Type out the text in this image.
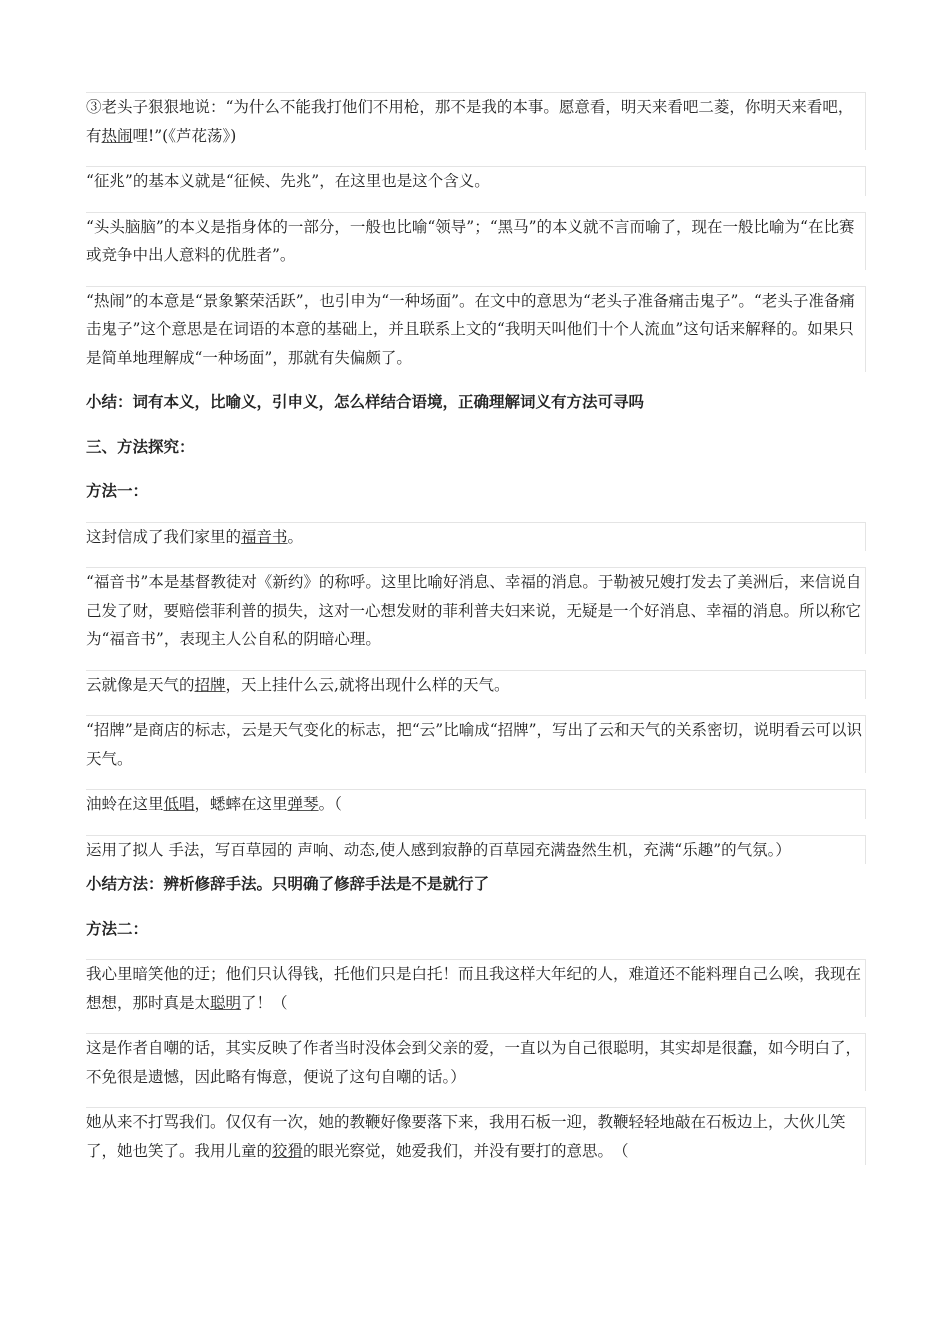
③老头子狠狠地说：“为什么不能我打他们不用枪，那不是我的本事。愿意看，明天来看吧二菱，你明天来看吧，有热闹哩!”(《芦花荡》)

“征兆”的基本义就是“征候、先兆”，在这里也是这个含义。

“头头脑脑”的本义是指身体的一部分，一般也比喻“领导”；“黑马”的本义就不言而喻了，现在一般比喻为“在比赛或竞争中出人意料的优胜者”。

“热闹”的本意是“景象繁荣活跃”，也引申为“一种场面”。在文中的意思为“老头子准备痛击鬼子”。“老头子准备痛击鬼子”这个意思是在词语的本意的基础上，并且联系上文的“我明天叫他们十个人流血”这句话来解释的。如果只是简单地理解成“一种场面”，那就有失偏颇了。

小结：词有本义，比喻义，引申义，怎么样结合语境，正确理解词义有方法可寻吗

三、方法探究：

方法一：

这封信成了我们家里的福音书。

“福音书”本是基督教徒对《新约》的称呼。这里比喻好消息、幸福的消息。于勒被兄嫂打发去了美洲后，来信说自己发了财，要赔偿菲利普的损失，这对一心想发财的菲利普夫妇来说，无疑是一个好消息、幸福的消息。所以称它为“福音书”，表现主人公自私的阴暗心理。

云就像是天气的招牌，天上挂什么云,就将出现什么样的天气。

“招牌”是商店的标志，云是天气变化的标志，把“云”比喻成“招牌”，写出了云和天气的关系密切，说明看云可以识天气。

油蛉在这里低唱，蟋蟀在这里弹琴。（

运用了拟人 手法，写百草园的 声响、动态,使人感到寂静的百草园充满盎然生机，充满“乐趣”的气氛。）

小结方法：辨析修辞手法。只明确了修辞手法是不是就行了

方法二：

我心里暗笑他的迂；他们只认得钱，托他们只是白托！而且我这样大年纪的人，难道还不能料理自己么唉，我现在想想，那时真是太聪明了！（

这是作者自嘲的话，其实反映了作者当时没体会到父亲的爱，一直以为自己很聪明，其实却是很蠢，如今明白了，不免很是遗憾，因此略有悔意，便说了这句自嘲的话。）

她从来不打骂我们。仅仅有一次，她的教鞭好像要落下来，我用石板一迎，教鞭轻轻地敲在石板边上，大伙儿笑了，她也笑了。我用儿童的狡猾的眼光察觉，她爱我们，并没有要打的意思。　（
